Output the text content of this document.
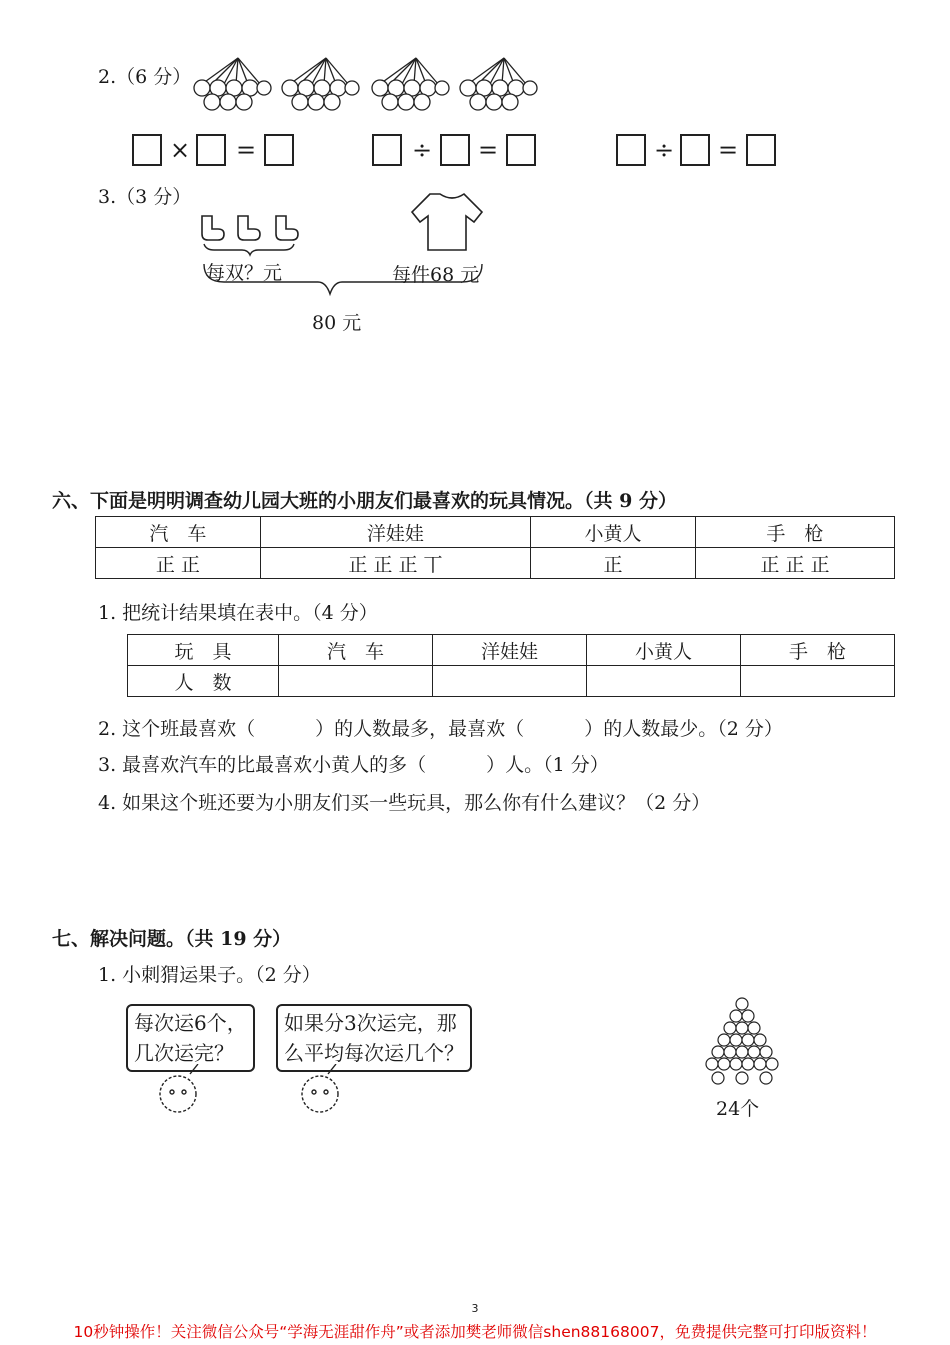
2.（6 分）
× =	÷ =	÷ =
3.（3 分）
每双？元	每件68 元
80 元
六、下面是明明调查幼儿园大班的小朋友们最喜欢的玩具情况。（共 9 分）
汽　车	洋娃娃	小黄人	手　枪
正 正	正 正 正 丅	正	正 正 正
1. 把统计结果填在表中。（4 分）
玩　具	汽　车	洋娃娃	小黄人	手　枪
人　数				
2. 这个班最喜欢（	）的人数最多，最喜欢（	）的人数最少。（2 分）
3. 最喜欢汽车的比最喜欢小黄人的多（	）人。（1 分）
4. 如果这个班还要为小朋友们买一些玩具，那么你有什么建议？（2 分）
七、解决问题。（共 19 分）
1. 小刺猬运果子。（2 分）
每次运6个，
几次运完？
如果分3次运完，那
么平均每次运几个？
24个
3
10秒钟操作！关注微信公众号“学海无涯甜作舟”或者添加樊老师微信shen88168007，免费提供完整可打印版资料！
